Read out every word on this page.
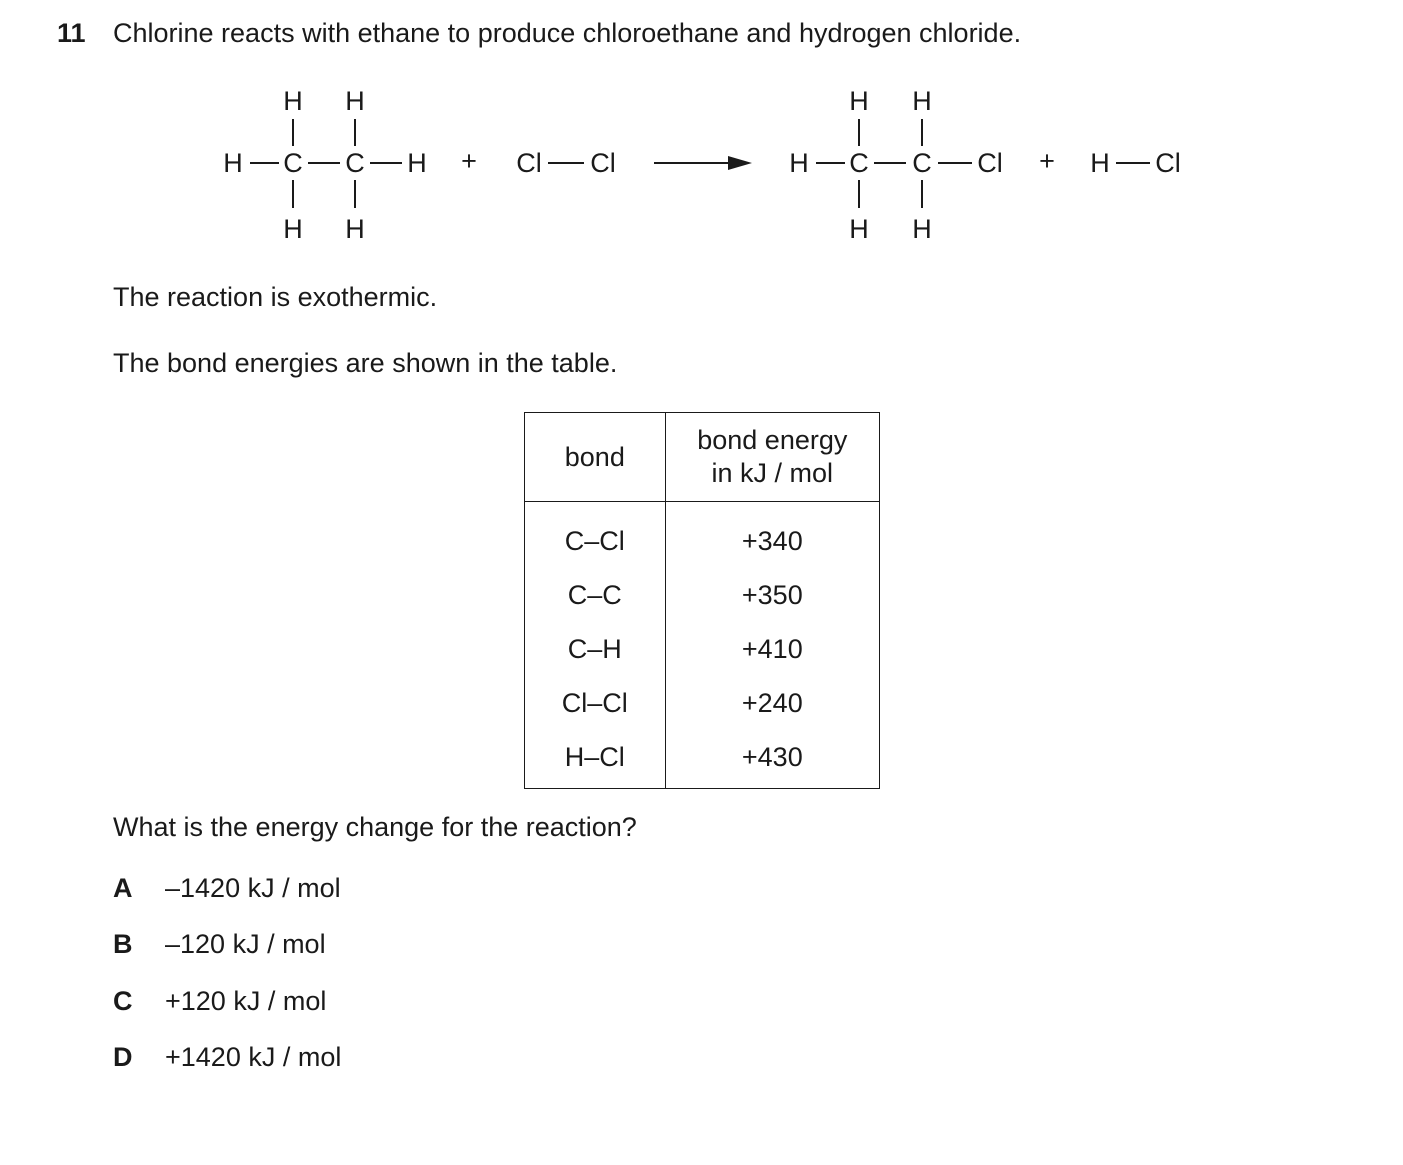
11 Chlorine reacts with ethane to produce chloroethane and hydrogen chloride.
H H
H C C H
H H
+ Cl Cl
H H
H C C Cl
H H
+ H Cl
The reaction is exothermic.
The bond energies are shown in the table.
bond	bond energy
in kJ / mol

C–Cl	+340
C–C	+350
C–H	+410
Cl–Cl	+240
H–Cl	+430
What is the energy change for the reaction?
A –1420 kJ / mol
B –120 kJ / mol
C +120 kJ / mol
D +1420 kJ / mol
